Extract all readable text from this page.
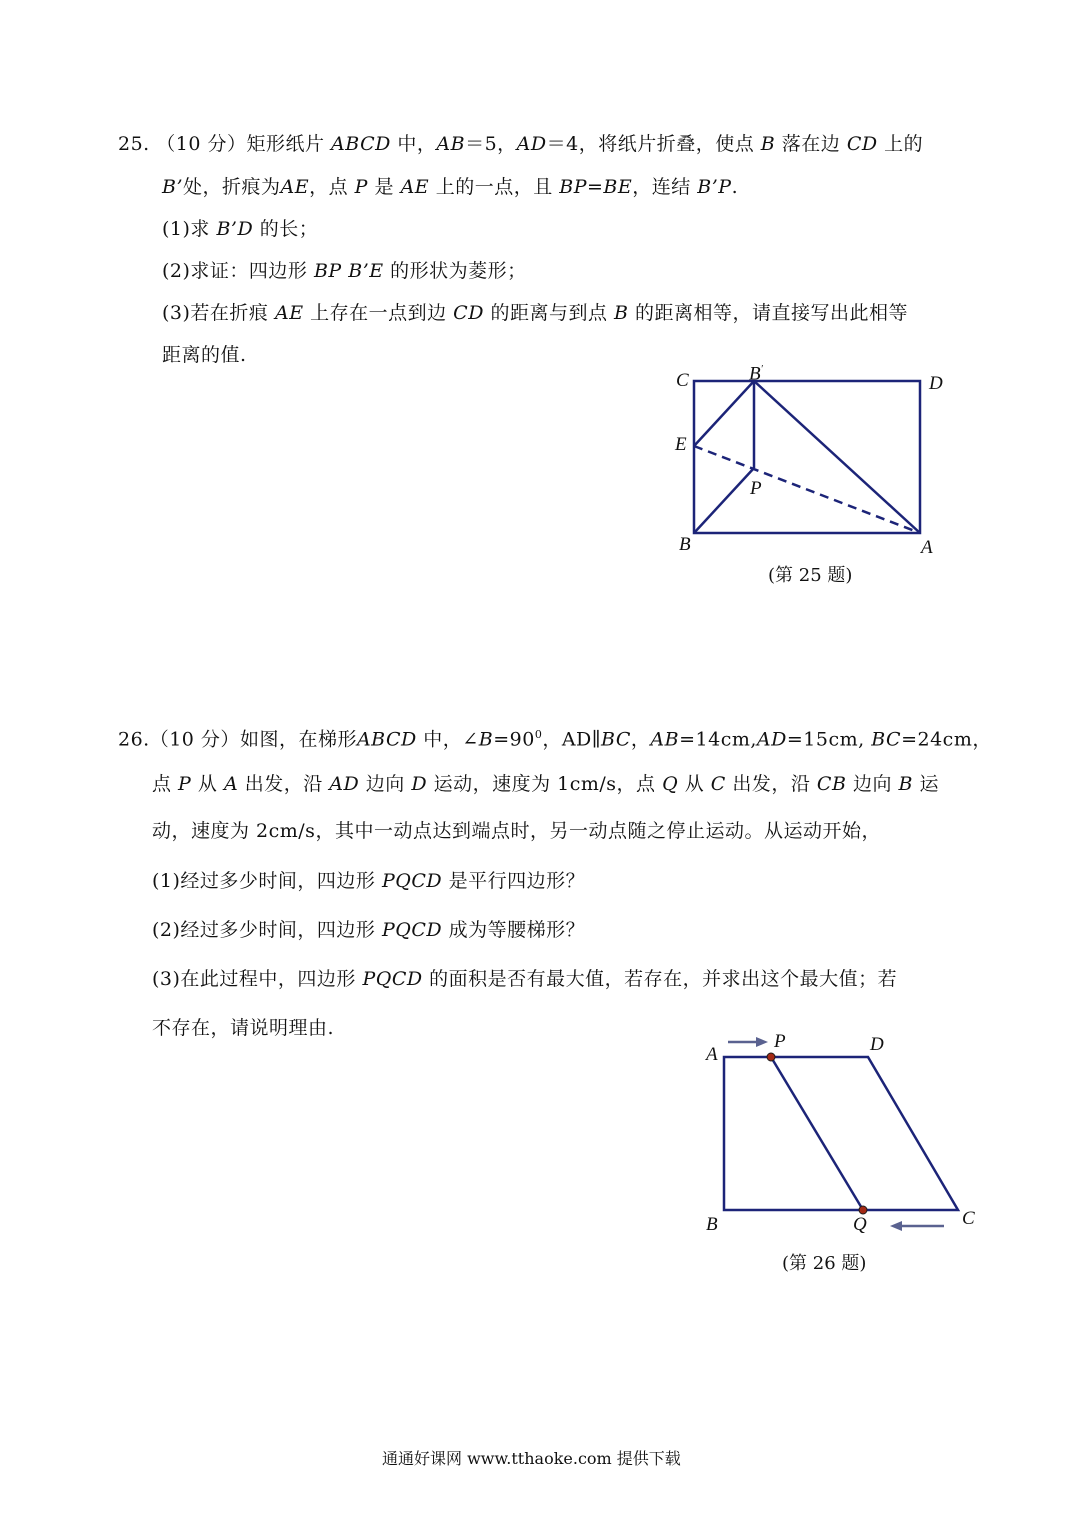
25. （10 分）矩形纸片 ABCD 中，AB＝5，AD＝4，将纸片折叠，使点 B 落在边 CD 上的
B’处，折痕为AE，点 P 是 AE 上的一点，且 BP=BE，连结 B’P.
(1)求 B’D 的长；
(2)求证：四边形 BP B’E 的形状为菱形；
(3)若在折痕 AE 上存在一点到边 CD 的距离与到点 B 的距离相等，请直接写出此相等
距离的值.
C	B′
D
E
P
B	A
(第 25 题)
26.（10 分）如图，在梯形ABCD 中，$\angle B=90^0$，AD∥BC，AB=14cm,AD=15cm, BC=24cm，
点 P 从 A 出发，沿 AD 边向 D 运动，速度为 1cm/s，点 Q 从 C 出发，沿 CB 边向 B 运
动，速度为 2cm/s，其中一动点达到端点时，另一动点随之停止运动。从运动开始，
(1)经过多少时间，四边形 PQCD 是平行四边形？
(2)经过多少时间，四边形 PQCD 成为等腰梯形？
(3)在此过程中，四边形 PQCD 的面积是否有最大值，若存在，并求出这个最大值；若
不存在，请说明理由.
A
P	D
B	Q	C
(第 26 题)
通通好课网 www.tthaoke.com 提供下载
